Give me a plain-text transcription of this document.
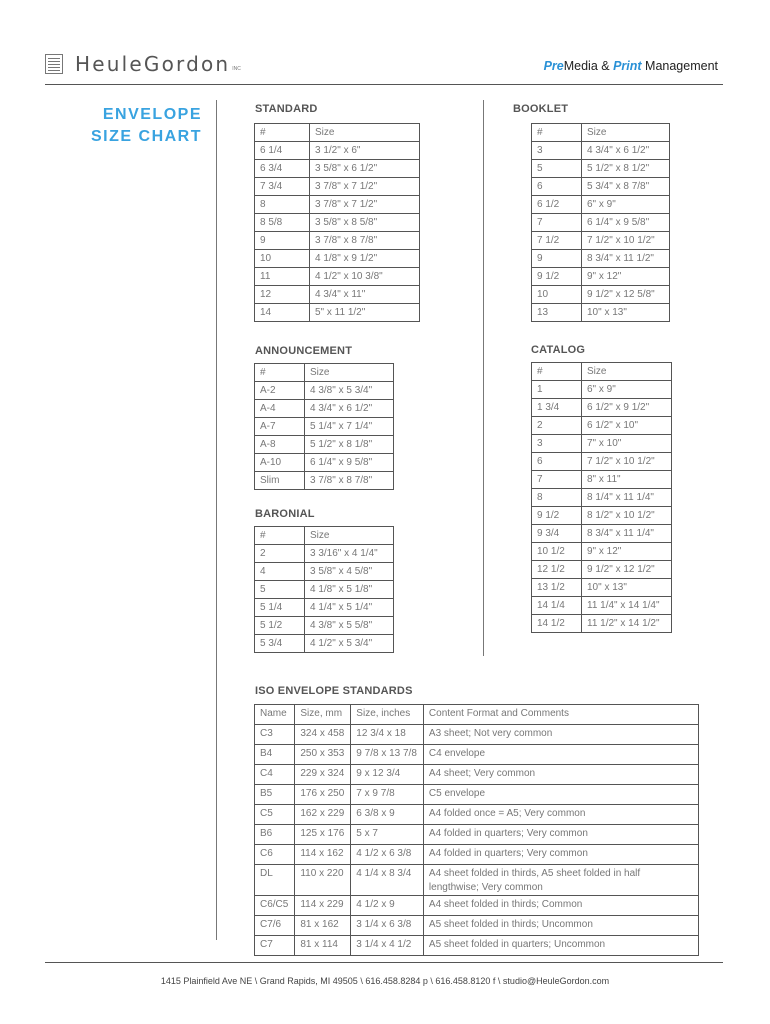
HeuleGordon INC	PreMedia & Print Management
ENVELOPE
SIZE CHART
STANDARD
#	Size
6 1/4	3 1/2" x 6"
6 3/4	3 5/8" x 6 1/2"
7 3/4	3 7/8" x 7 1/2"
8	3 7/8" x 7 1/2"
8 5/8	3 5/8" x 8 5/8"
9	3 7/8" x 8 7/8"
10	4 1/8" x 9 1/2"
11	4 1/2" x 10 3/8"
12	4 3/4" x 11"
14	5" x 11 1/2"
BOOKLET
#	Size
3	4 3/4" x 6 1/2"
5	5 1/2" x 8 1/2"
6	5 3/4" x 8 7/8"
6 1/2	6" x 9"
7	6 1/4" x 9 5/8"
7 1/2	7 1/2" x 10 1/2"
9	8 3/4" x 11 1/2"
9 1/2	9" x 12"
10	9 1/2" x 12 5/8"
13	10" x 13"
ANNOUNCEMENT
#	Size
A-2	4 3/8" x 5 3/4"
A-4	4 3/4" x 6 1/2"
A-7	5 1/4" x 7 1/4"
A-8	5 1/2" x 8 1/8"
A-10	6 1/4" x 9 5/8"
Slim	3 7/8" x 8 7/8"
CATALOG
#	Size
1	6" x 9"
1 3/4	6 1/2" x 9 1/2"
2	6 1/2" x 10"
3	7" x 10"
6	7 1/2" x 10 1/2"
7	8" x 11"
8	8 1/4" x 11 1/4"
9 1/2	8 1/2" x 10 1/2"
9 3/4	8 3/4" x 11 1/4"
10 1/2	9" x 12"
12 1/2	9 1/2" x 12 1/2"
13 1/2	10" x 13"
14 1/4	11 1/4" x 14 1/4"
14 1/2	11 1/2" x 14 1/2"
BARONIAL
#	Size
2	3 3/16" x 4 1/4"
4	3 5/8" x 4 5/8"
5	4 1/8" x 5 1/8"
5 1/4	4 1/4" x 5 1/4"
5 1/2	4 3/8" x 5 5/8"
5 3/4	4 1/2" x 5 3/4"
ISO ENVELOPE STANDARDS
Name	Size, mm	Size, inches	Content Format and Comments
C3	324 x 458	12 3/4 x 18	A3 sheet; Not very common
B4	250 x 353	9 7/8 x 13 7/8	C4 envelope
C4	229 x 324	9 x 12 3/4	A4 sheet; Very common
B5	176 x 250	7 x 9 7/8	C5 envelope
C5	162 x 229	6 3/8 x 9	A4 folded once = A5; Very common
B6	125 x 176	5 x 7	A4 folded in quarters; Very common
C6	114 x 162	4 1/2 x 6 3/8	A4 folded in quarters; Very common
DL	110 x 220	4 1/4 x 8 3/4	A4 sheet folded in thirds, A5 sheet folded in half lengthwise; Very common
C6/C5	114 x 229	4 1/2 x 9	A4 sheet folded in thirds; Common
C7/6	81 x 162	3 1/4 x 6 3/8	A5 sheet folded in thirds; Uncommon
C7	81 x 114	3 1/4 x 4 1/2	A5 sheet folded in quarters; Uncommon
1415 Plainfield Ave NE \ Grand Rapids, MI 49505 \ 616.458.8284 p \ 616.458.8120 f \ studio@HeuleGordon.com
